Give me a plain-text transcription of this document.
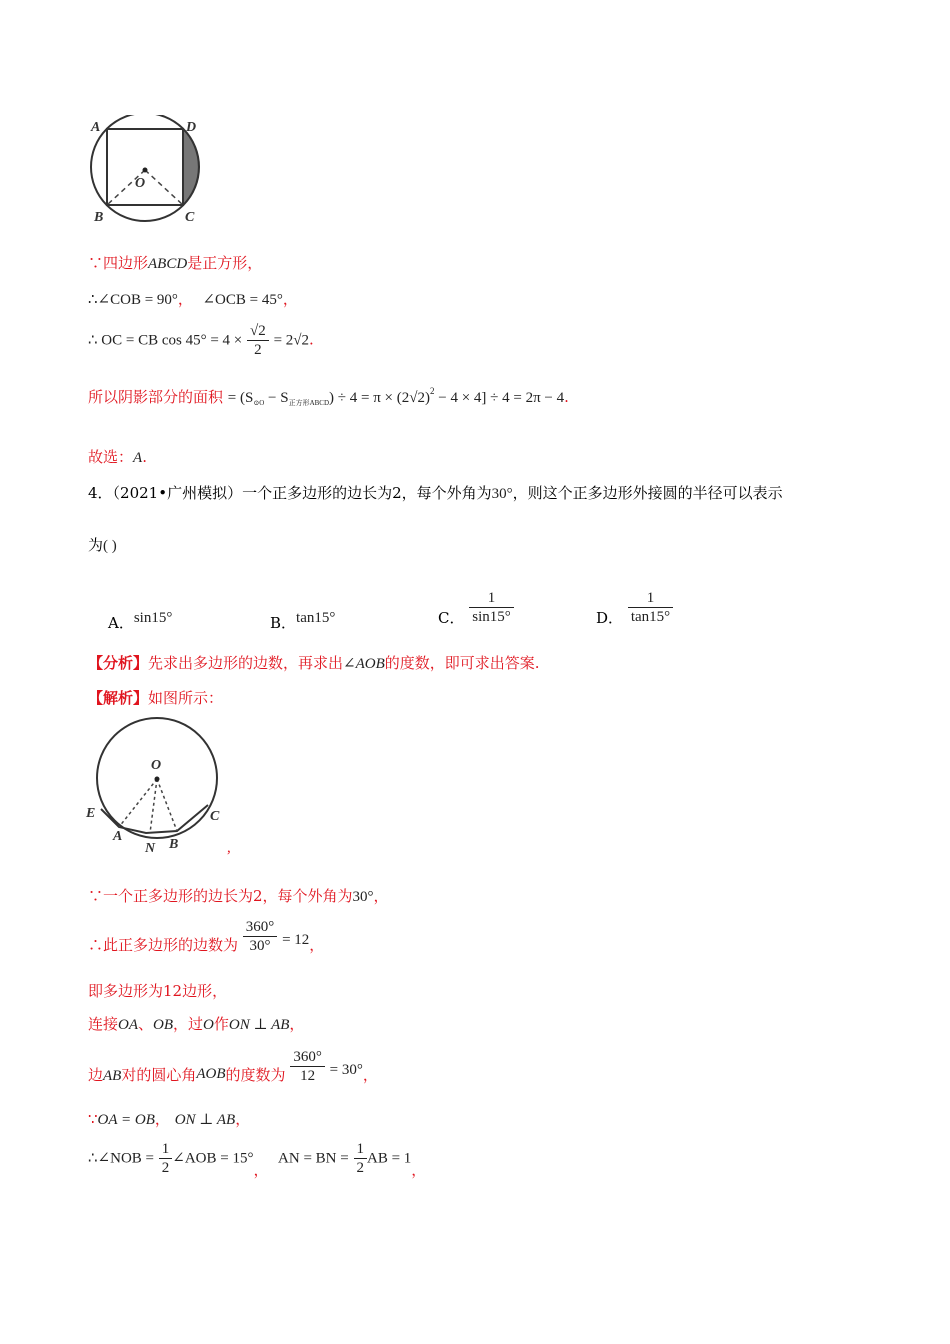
A	D
O
B	C
∵四边形ABCD是正方形，
∴∠COB = 90°， ∠OCB = 45°，
∴ OC = CB $\cos 45^\circ = 4 \times \frac{√2}{2} = 2√2$.
所以阴影部分的面积 = $(S_{⊙O} - S_{正方形ABCD}) \div 4 = \pi \times (2√2)^2 - 4 \times 4] \div 4 = 2\pi - 4$.
故选：A.
4．（2021•广州模拟）一个正多边形的边长为2，每个外角为30°，则这个正多边形外接圆的半径可以表示
为( )
A．sin15°	B．tan15°	C． $\frac{1}{\sin 15^\circ}$	D． $\frac{1}{\tan 15^\circ}$
【分析】先求出多边形的边数，再求出∠AOB的度数，即可求出答案.
【解析】如图所示：
O
E	C
A
N B	,
∵一个正多边形的边长为2，每个外角为30°，
∴此正多边形的边数为 $\frac{360^\circ}{30^\circ} = 12$，
即多边形为12边形，
连接OA、OB，过O作ON ⊥ AB，
边AB对的圆心角AOB的度数为 $\frac{360^\circ}{12} = 30^\circ$，
∵OA = OB， ON ⊥ AB，
∴∠NOB = $\frac{1}{2}$ ∠AOB = 15°，  AN = BN = $\frac{1}{2}$ AB = 1，
